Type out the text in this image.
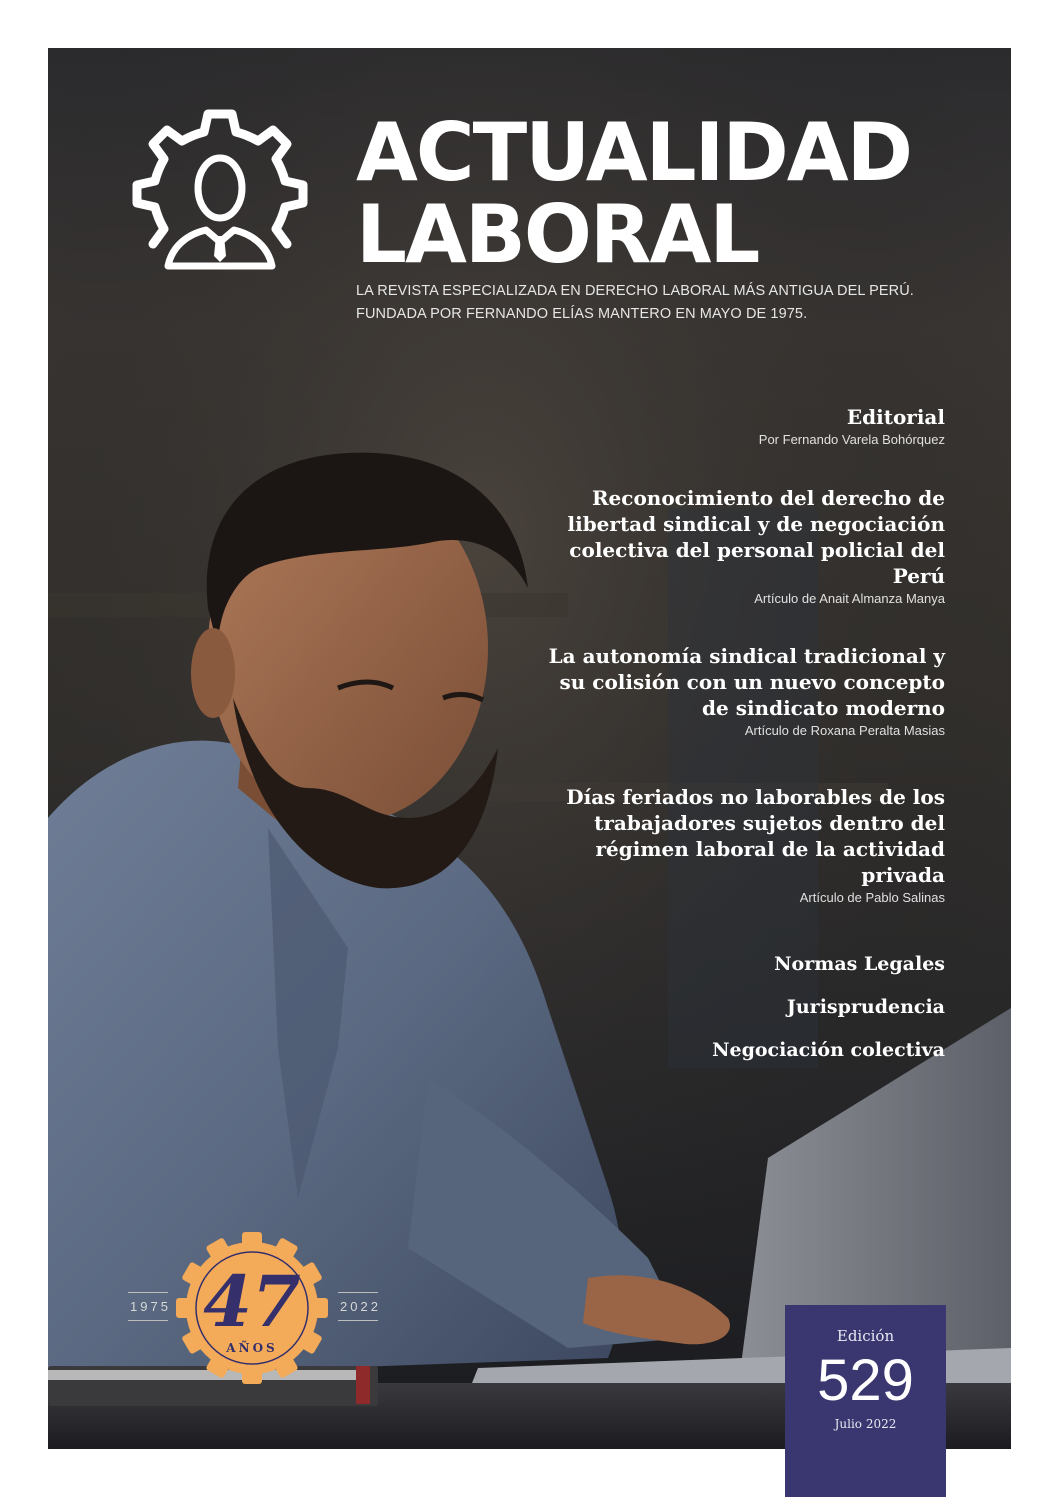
ACTUALIDAD
LABORAL

LA REVISTA ESPECIALIZADA EN DERECHO LABORAL MÁS ANTIGUA DEL PERÚ.
FUNDADA POR FERNANDO ELÍAS MANTERO EN MAYO DE 1975.

Editorial
Por Fernando Varela Bohórquez
Reconocimiento del derecho de
libertad sindical y de negociación
colectiva del personal policial del
Perú
Artículo de Anait Almanza Manya
La autonomía sindical tradicional y
su colisión con un nuevo concepto
de sindicato moderno
Artículo de Roxana Peralta Masias
Días feriados no laborables de los
trabajadores sujetos dentro del
régimen laboral de la actividad
privada
Artículo de Pablo Salinas
Normas Legales
Jurisprudencia
Negociación colectiva
1975	2022
47
AÑOS
Edición
529
Julio 2022
